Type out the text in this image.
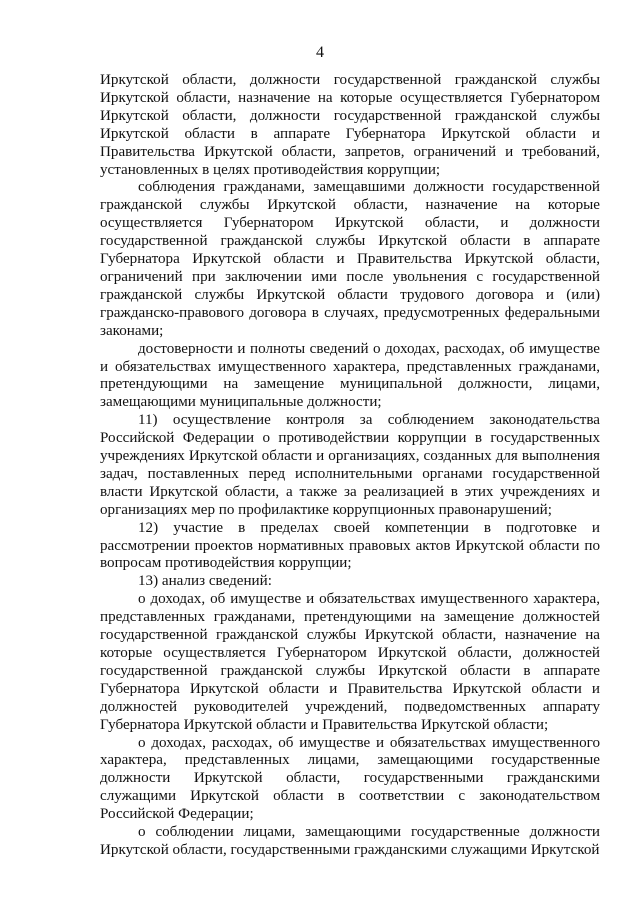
4

Иркутской области, должности государственной гражданской службы Иркутской области, назначение на которые осуществляется Губернатором Иркутской области, должности государственной гражданской службы Иркутской области в аппарате Губернатора Иркутской области и Правительства Иркутской области, запретов, ограничений и требований, установленных в целях противодействия коррупции;

соблюдения гражданами, замещавшими должности государственной гражданской службы Иркутской области, назначение на которые осуществляется Губернатором Иркутской области, и должности государственной гражданской службы Иркутской области в аппарате Губернатора Иркутской области и Правительства Иркутской области, ограничений при заключении ими после увольнения с государственной гражданской службы Иркутской области трудового договора и (или) гражданско-правового договора в случаях, предусмотренных федеральными законами;

достоверности и полноты сведений о доходах, расходах, об имуществе и обязательствах имущественного характера, представленных гражданами, претендующими на замещение муниципальной должности, лицами, замещающими муниципальные должности;

11) осуществление контроля за соблюдением законодательства Российской Федерации о противодействии коррупции в государственных учреждениях Иркутской области и организациях, созданных для выполнения задач, поставленных перед исполнительными органами государственной власти Иркутской области, а также за реализацией в этих учреждениях и организациях мер по профилактике коррупционных правонарушений;

12) участие в пределах своей компетенции в подготовке и рассмотрении проектов нормативных правовых актов Иркутской области по вопросам противодействия коррупции;

13) анализ сведений:

о доходах, об имуществе и обязательствах имущественного характера, представленных гражданами, претендующими на замещение должностей государственной гражданской службы Иркутской области, назначение на которые осуществляется Губернатором Иркутской области, должностей государственной гражданской службы Иркутской области в аппарате Губернатора Иркутской области и Правительства Иркутской области и должностей руководителей учреждений, подведомственных аппарату Губернатора Иркутской области и Правительства Иркутской области;

о доходах, расходах, об имуществе и обязательствах имущественного характера, представленных лицами, замещающими государственные должности Иркутской области, государственными гражданскими служащими Иркутской области в соответствии с законодательством Российской Федерации;

о соблюдении лицами, замещающими государственные должности Иркутской области, государственными гражданскими служащими Иркутской
